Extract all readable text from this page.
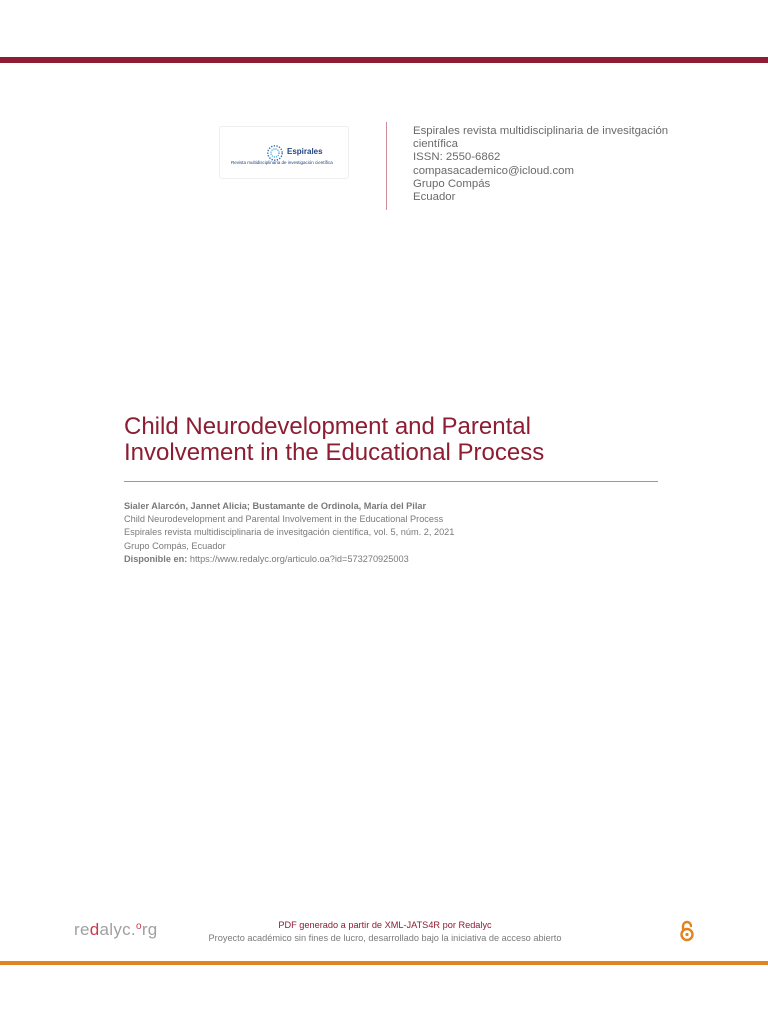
Espirales
Revista multidisciplinaria de investigación científica
Espirales revista multidisciplinaria de invesitgación
científica
ISSN: 2550-6862
compasacademico@icloud.com
Grupo Compás
Ecuador
Child Neurodevelopment and Parental
Involvement in the Educational Process
Sialer Alarcón, Jannet Alicia; Bustamante de Ordinola, María del Pilar
Child Neurodevelopment and Parental Involvement in the Educational Process
Espirales revista multidisciplinaria de invesitgación científica, vol. 5, núm. 2, 2021
Grupo Compás, Ecuador
Disponible en: https://www.redalyc.org/articulo.oa?id=573270925003
redalyc.$^o$rg	PDF generado a partir de XML-JATS4R por Redalyc
Proyecto académico sin fines de lucro, desarrollado bajo la iniciativa de acceso abierto
